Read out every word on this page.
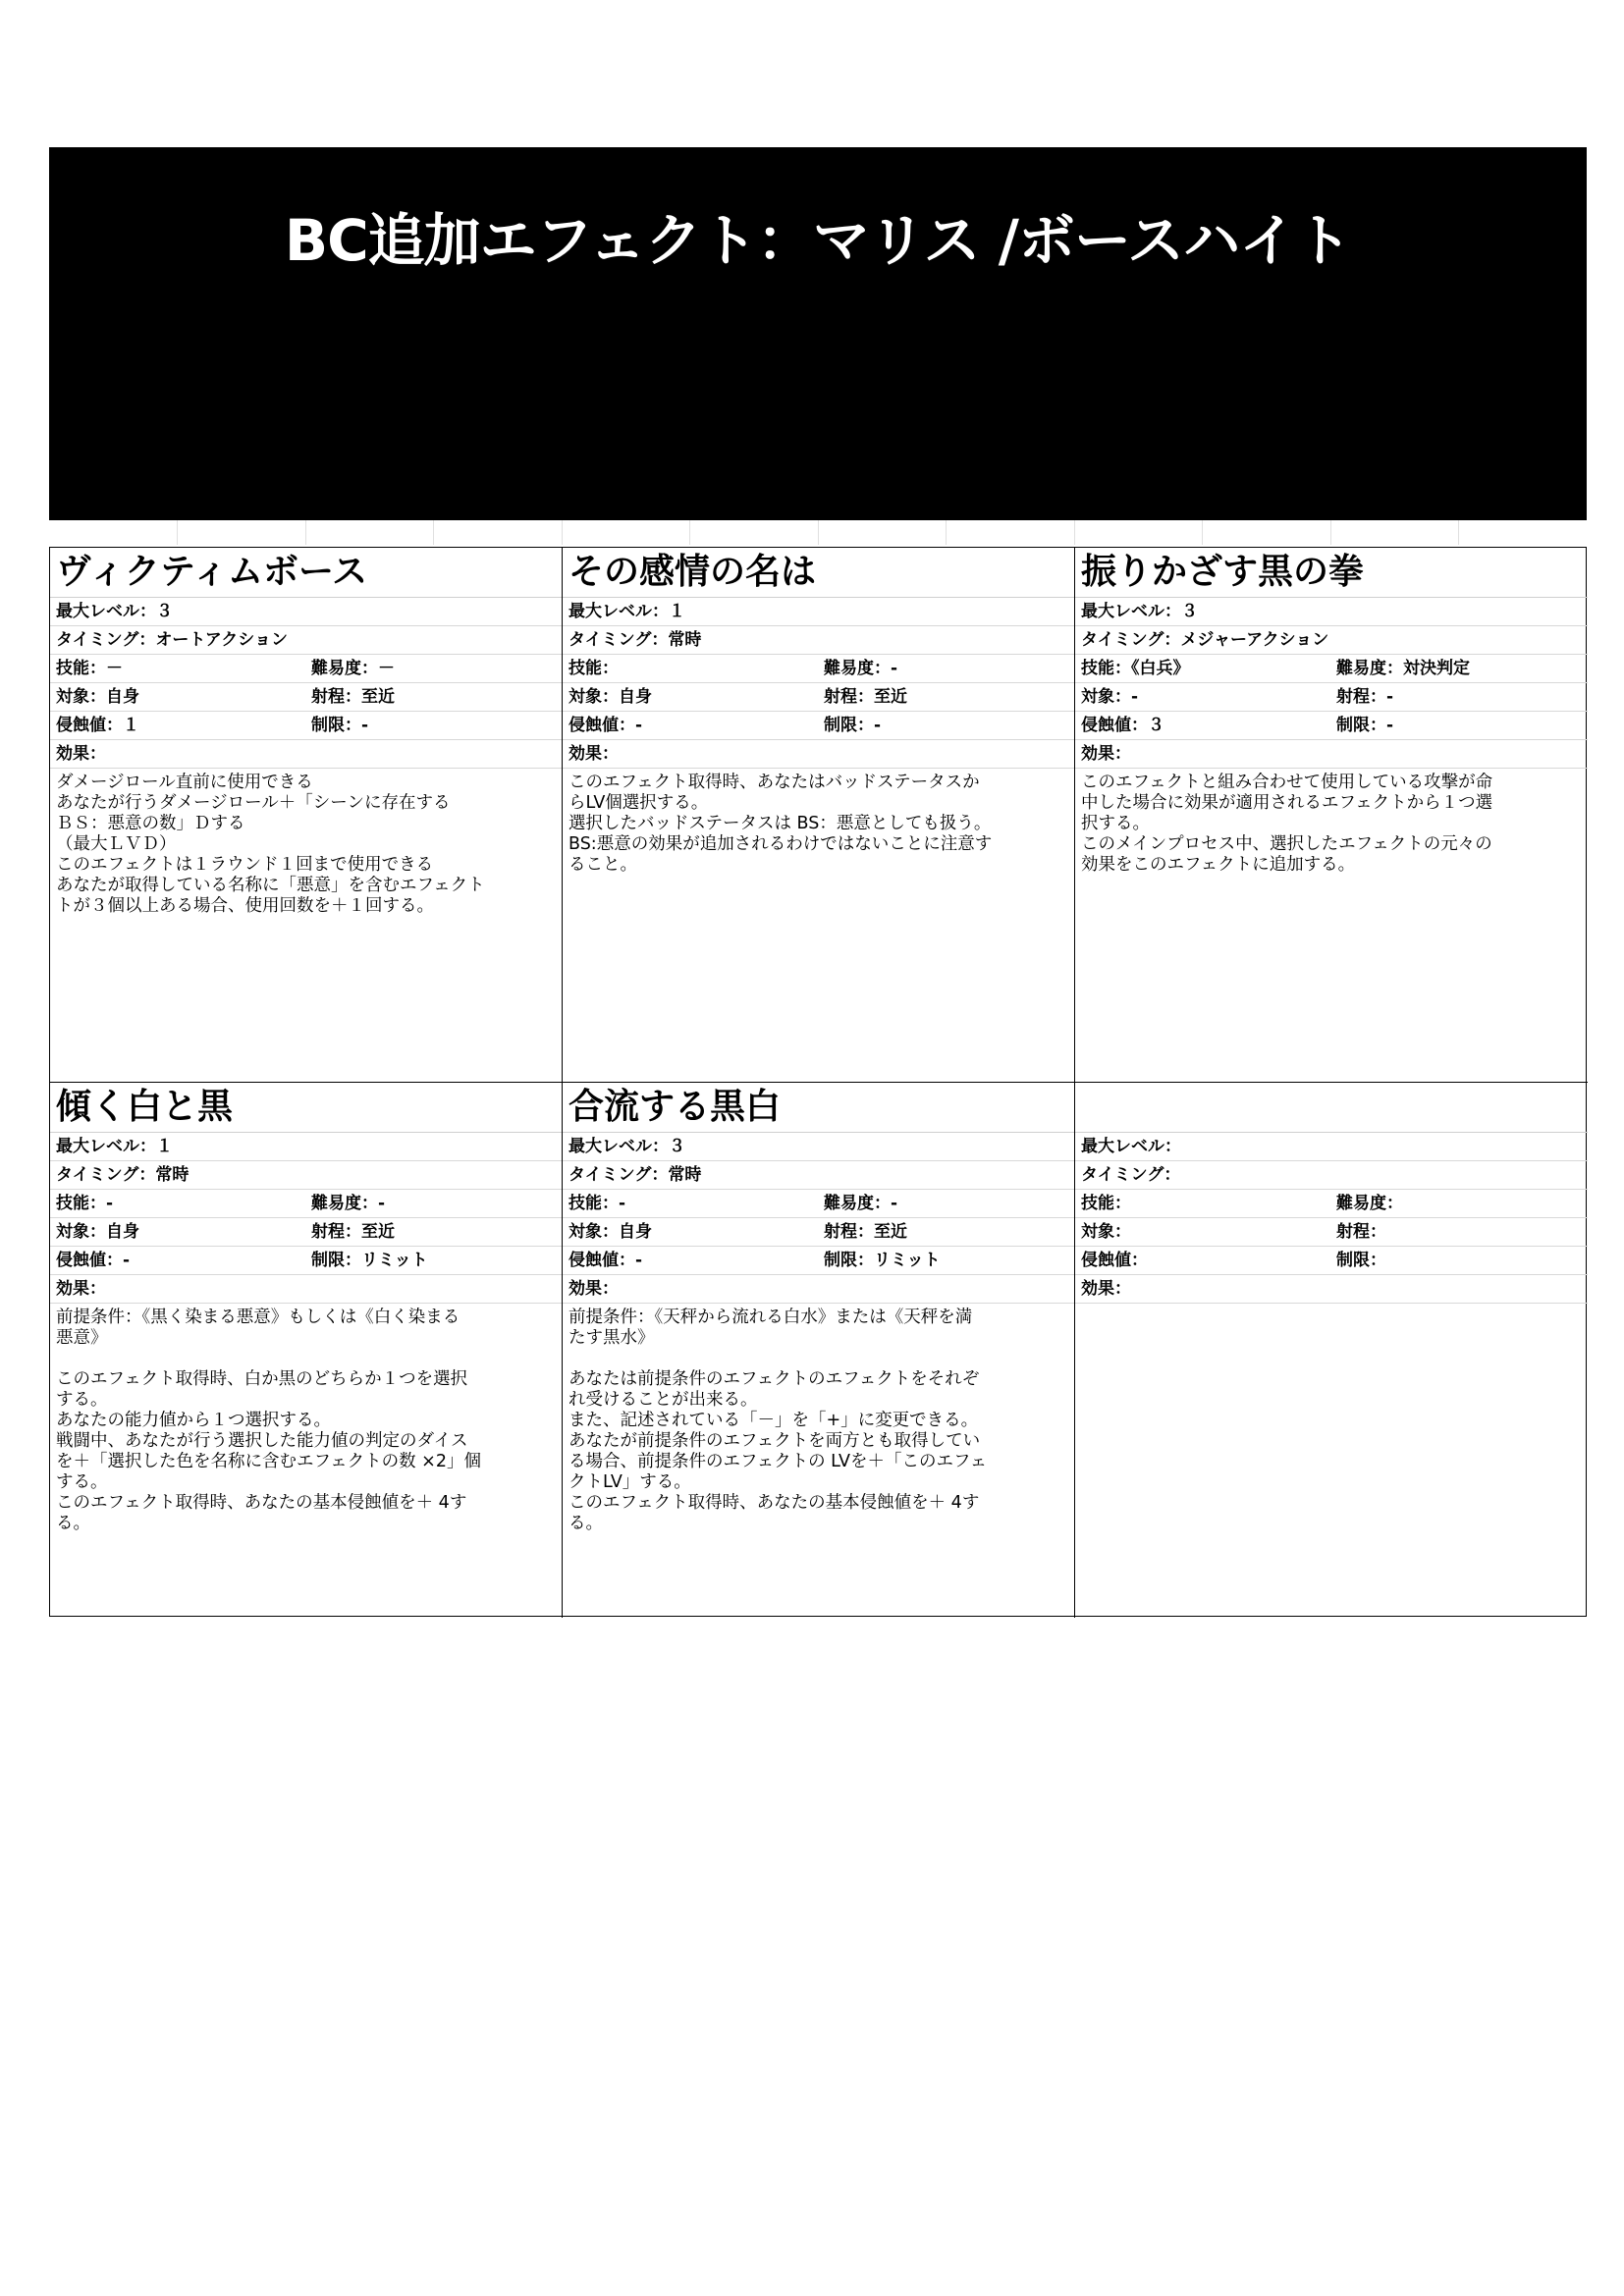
BC追加エフェクト：マリス /ボースハイト
ヴィクティムボース
最大レベル：３
タイミング：オートアクション
技能：－	難易度：－
対象：自身	射程：至近
侵蝕値：１	制限：-
効果：
ダメージロール直前に使用できる
あなたが行うダメージロール＋「シーンに存在する
ＢＳ：悪意の数」Ｄする
（最大ＬＶＤ）
このエフェクトは１ラウンド１回まで使用できる
あなたが取得している名称に「悪意」を含むエフェクト
トが３個以上ある場合、使用回数を＋１回する。
その感情の名は
最大レベル：１
タイミング：常時
技能：	難易度：-
対象：自身	射程：至近
侵蝕値：-	制限：-
効果：
このエフェクト取得時、あなたはバッドステータスか
らLV個選択する。
選択したバッドステータスは BS：悪意としても扱う。
BS:悪意の効果が追加されるわけではないことに注意す
ること。
振りかざす黒の拳
最大レベル：３
タイミング：メジャーアクション
技能：《白兵》	難易度：対決判定
対象：-	射程：-
侵蝕値：３	制限：-
効果：
このエフェクトと組み合わせて使用している攻撃が命
中した場合に効果が適用されるエフェクトから１つ選
択する。
このメインプロセス中、選択したエフェクトの元々の
効果をこのエフェクトに追加する。
傾く白と黒
最大レベル：１
タイミング：常時
技能：-	難易度：-
対象：自身	射程：至近
侵蝕値：-	制限：リミット
効果：
前提条件：《黒く染まる悪意》もしくは《白く染まる
悪意》

このエフェクト取得時、白か黒のどちらか１つを選択
する。
あなたの能力値から１つ選択する。
戦闘中、あなたが行う選択した能力値の判定のダイス
を＋「選択した色を名称に含むエフェクトの数 ×2」個
する。
このエフェクト取得時、あなたの基本侵蝕値を＋ 4す
る。
合流する黒白
最大レベル：３
タイミング：常時
技能：-	難易度：-
対象：自身	射程：至近
侵蝕値：-	制限：リミット
効果：
前提条件：《天秤から流れる白水》または《天秤を満
たす黒水》

あなたは前提条件のエフェクトのエフェクトをそれぞ
れ受けることが出来る。
また、記述されている「－」を「+」に変更できる。
あなたが前提条件のエフェクトを両方とも取得してい
る場合、前提条件のエフェクトの LVを＋「このエフェ
クトLV」する。
このエフェクト取得時、あなたの基本侵蝕値を＋ 4す
る。
最大レベル：
タイミング：
技能：	難易度：
対象：	射程：
侵蝕値：	制限：
効果：
